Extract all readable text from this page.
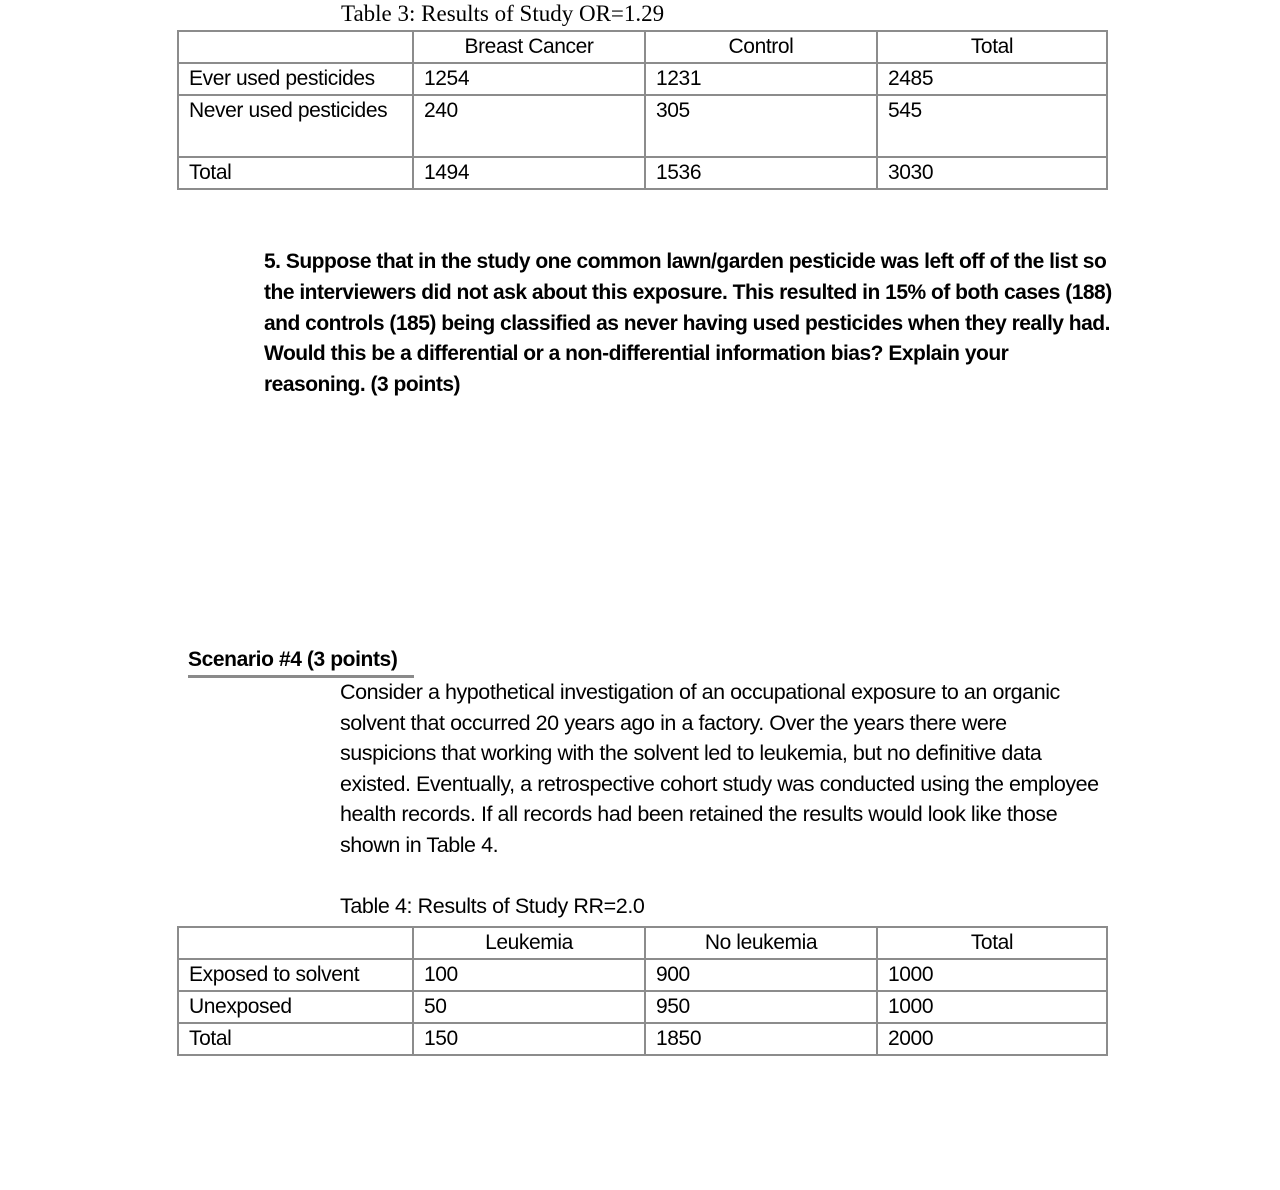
Table 3: Results of Study OR=1.29
	Breast Cancer	Control	Total
Ever used pesticides	1254	1231	2485
Never used pesticides	240	305	545
Total	1494	1536	3030
5. Suppose that in the study one common lawn/garden pesticide was left off of the list so the interviewers did not ask about this exposure. This resulted in 15% of both cases (188) and controls (185) being classified as never having used pesticides when they really had. Would this be a differential or a non-differential information bias? Explain your reasoning. (3 points)
Scenario #4 (3 points)
Consider a hypothetical investigation of an occupational exposure to an organic solvent that occurred 20 years ago in a factory. Over the years there were suspicions that working with the solvent led to leukemia, but no definitive data existed. Eventually, a retrospective cohort study was conducted using the employee health records. If all records had been retained the results would look like those shown in Table 4.
Table 4: Results of Study RR=2.0
	Leukemia	No leukemia	Total
Exposed to solvent	100	900	1000
Unexposed	50	950	1000
Total	150	1850	2000
